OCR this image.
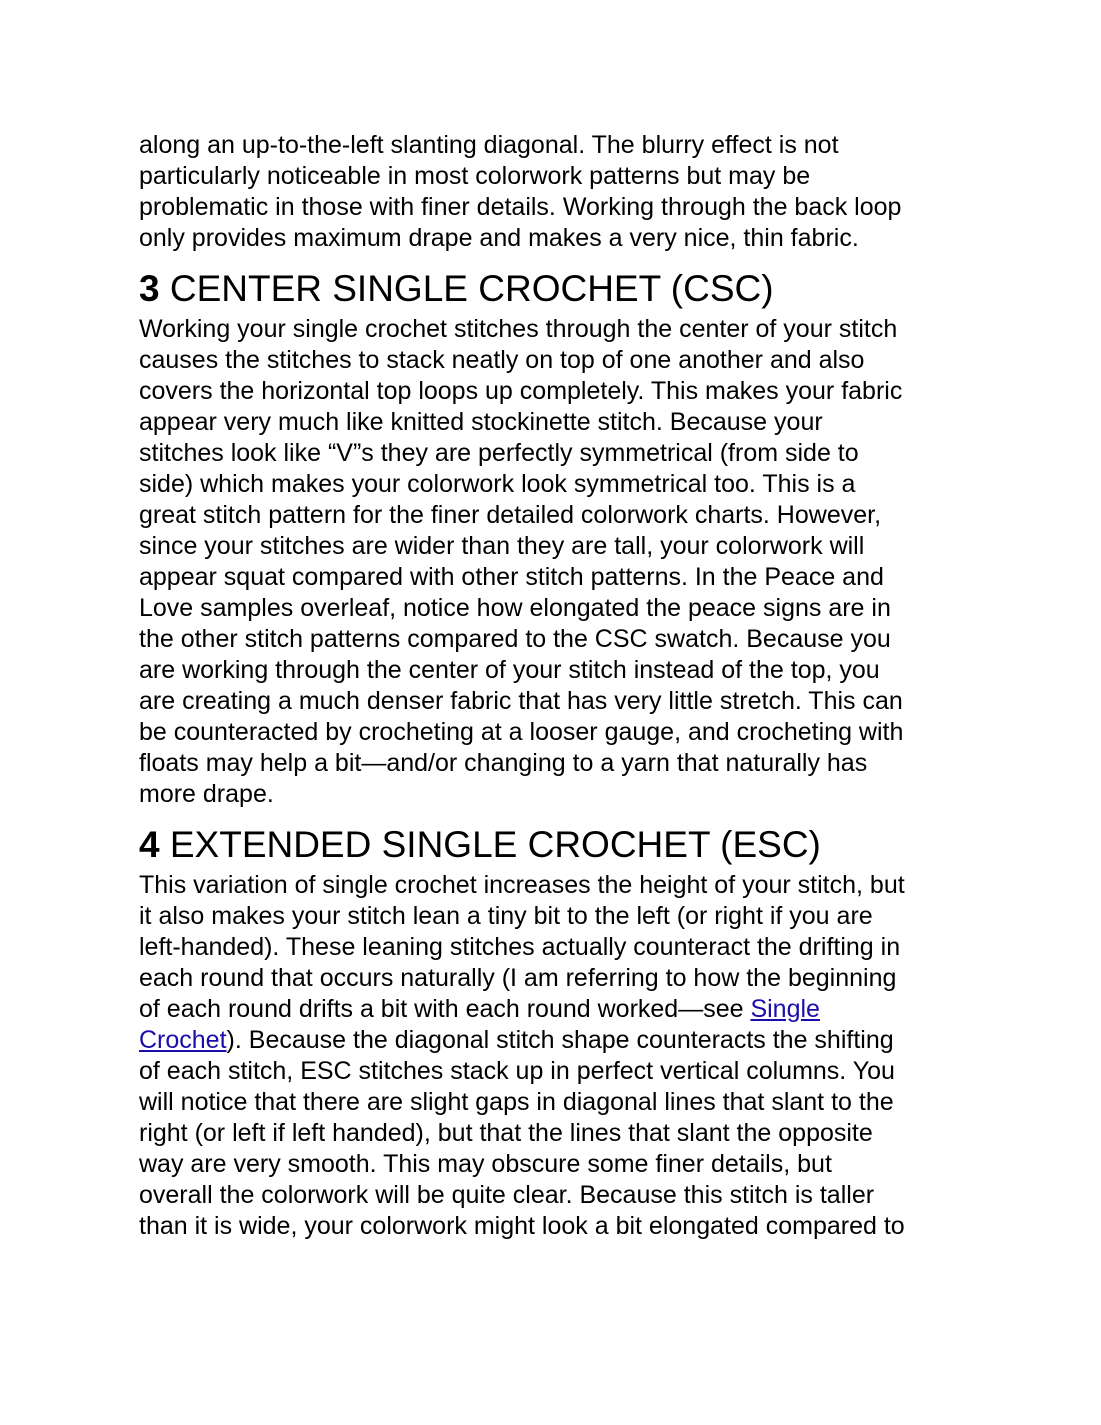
along an up-to-the-left slanting diagonal. The blurry effect is not
particularly noticeable in most colorwork patterns but may be
problematic in those with finer details. Working through the back loop
only provides maximum drape and makes a very nice, thin fabric.
3 CENTER SINGLE CROCHET (CSC)
Working your single crochet stitches through the center of your stitch
causes the stitches to stack neatly on top of one another and also
covers the horizontal top loops up completely. This makes your fabric
appear very much like knitted stockinette stitch. Because your
stitches look like “V”s they are perfectly symmetrical (from side to
side) which makes your colorwork look symmetrical too. This is a
great stitch pattern for the finer detailed colorwork charts. However,
since your stitches are wider than they are tall, your colorwork will
appear squat compared with other stitch patterns. In the Peace and
Love samples overleaf, notice how elongated the peace signs are in
the other stitch patterns compared to the CSC swatch. Because you
are working through the center of your stitch instead of the top, you
are creating a much denser fabric that has very little stretch. This can
be counteracted by crocheting at a looser gauge, and crocheting with
floats may help a bit—and/or changing to a yarn that naturally has
more drape.
4 EXTENDED SINGLE CROCHET (ESC)
This variation of single crochet increases the height of your stitch, but
it also makes your stitch lean a tiny bit to the left (or right if you are
left-handed). These leaning stitches actually counteract the drifting in
each round that occurs naturally (I am referring to how the beginning
of each round drifts a bit with each round worked—see Single
Crochet). Because the diagonal stitch shape counteracts the shifting
of each stitch, ESC stitches stack up in perfect vertical columns. You
will notice that there are slight gaps in diagonal lines that slant to the
right (or left if left handed), but that the lines that slant the opposite
way are very smooth. This may obscure some finer details, but
overall the colorwork will be quite clear. Because this stitch is taller
than it is wide, your colorwork might look a bit elongated compared to
